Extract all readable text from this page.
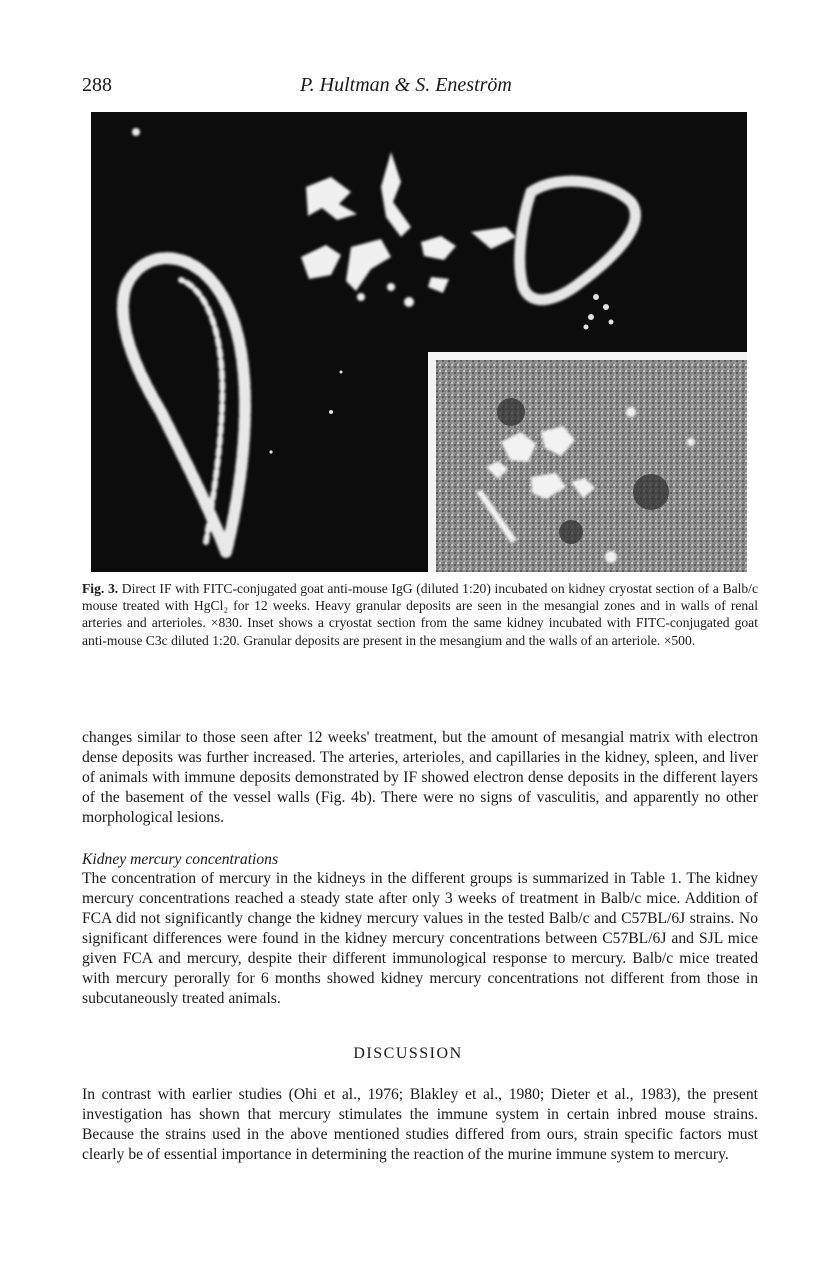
288	P. Hultman & S. Eneström
Fig. 3. Direct IF with FITC-conjugated goat anti-mouse IgG (diluted 1:20) incubated on kidney cryostat section of a Balb/c mouse treated with HgCl₂ for 12 weeks. Heavy granular deposits are seen in the mesangial zones and in walls of renal arteries and arterioles. ×830. Inset shows a cryostat section from the same kidney incubated with FITC-conjugated goat anti-mouse C3c diluted 1:20. Granular deposits are present in the mesangium and the walls of an arteriole. ×500.

changes similar to those seen after 12 weeks' treatment, but the amount of mesangial matrix with electron dense deposits was further increased. The arteries, arterioles, and capillaries in the kidney, spleen, and liver of animals with immune deposits demonstrated by IF showed electron dense deposits in the different layers of the basement of the vessel walls (Fig. 4b). There were no signs of vasculitis, and apparently no other morphological lesions.

Kidney mercury concentrations

The concentration of mercury in the kidneys in the different groups is summarized in Table 1. The kidney mercury concentrations reached a steady state after only 3 weeks of treatment in Balb/c mice. Addition of FCA did not significantly change the kidney mercury values in the tested Balb/c and C57BL/6J strains. No significant differences were found in the kidney mercury concentrations between C57BL/6J and SJL mice given FCA and mercury, despite their different immunological response to mercury. Balb/c mice treated with mercury perorally for 6 months showed kidney mercury concentrations not different from those in subcutaneously treated animals.

DISCUSSION

In contrast with earlier studies (Ohi et al., 1976; Blakley et al., 1980; Dieter et al., 1983), the present investigation has shown that mercury stimulates the immune system in certain inbred mouse strains. Because the strains used in the above mentioned studies differed from ours, strain specific factors must clearly be of essential importance in determining the reaction of the murine immune system to mercury.
